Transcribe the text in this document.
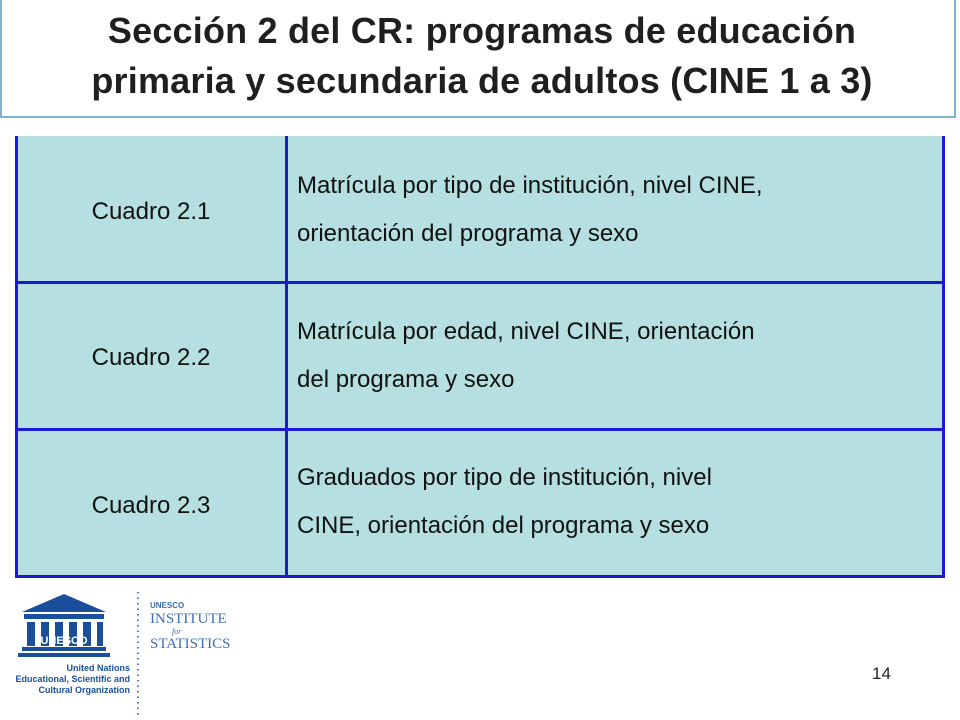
Sección 2 del CR: programas de educación
primaria y secundaria de adultos (CINE 1 a 3)
Cuadro 2.1
Matrícula por tipo de institución, nivel CINE,
orientación del programa y sexo
Cuadro 2.2
Matrícula por edad, nivel CINE, orientación
del programa y sexo
Cuadro 2.3
Graduados por tipo de institución, nivel
CINE, orientación del programa y sexo
UNESCO
United Nations
Educational, Scientific and
Cultural Organization
UNESCO
INSTITUTE
for
STATISTICS
14
